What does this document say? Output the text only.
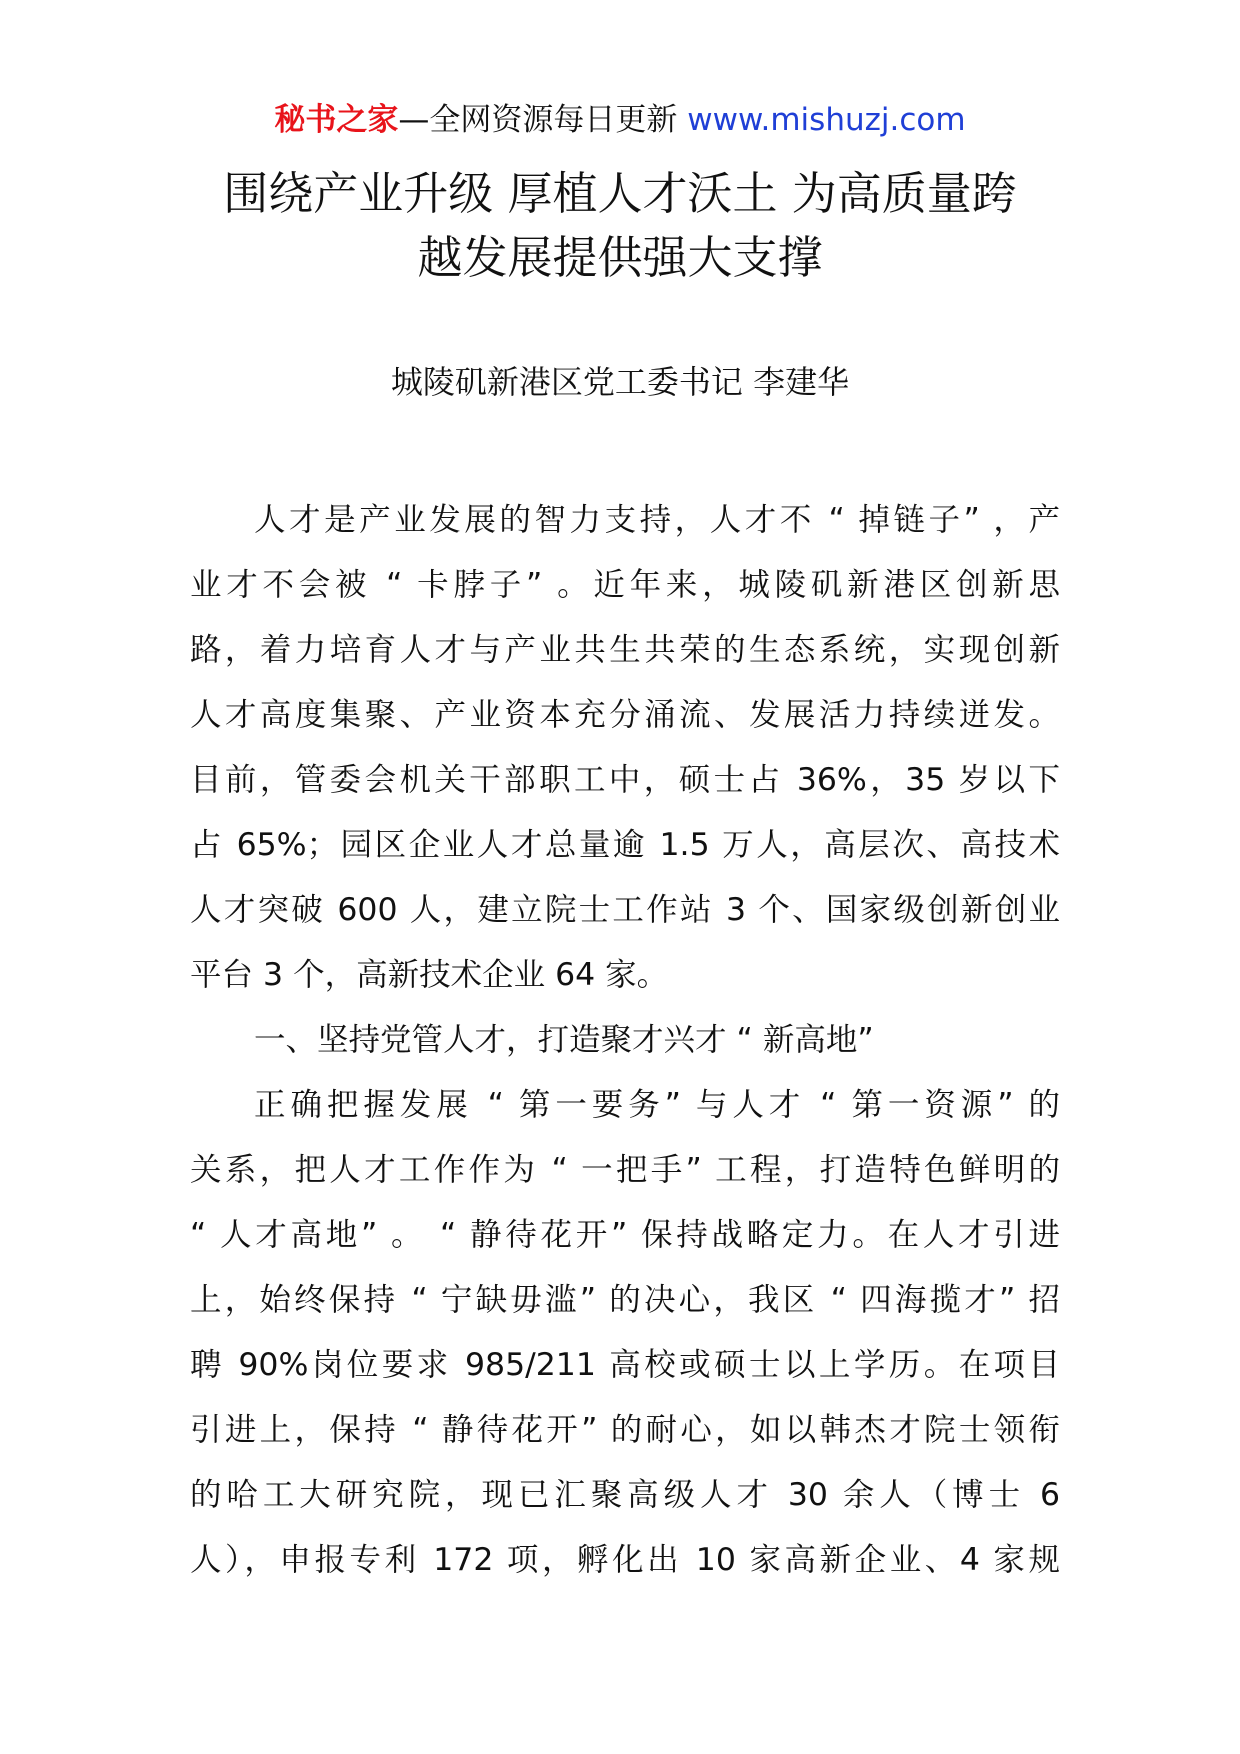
秘书之家—全网资源每日更新 www.mishuzj.com
围绕产业升级 厚植人才沃土 为高质量跨
越发展提供强大支撑
城陵矶新港区党工委书记 李建华
人才是产业发展的智力支持，人才不 “ 掉链子” ，产
业才不会被 “ 卡脖子” 。近年来，城陵矶新港区创新思
路，着力培育人才与产业共生共荣的生态系统，实现创新
人才高度集聚、产业资本充分涌流、发展活力持续迸发。
目前，管委会机关干部职工中，硕士占 36%，35 岁以下
占 65%；园区企业人才总量逾 1.5 万人，高层次、高技术
人才突破 600 人，建立院士工作站 3 个、国家级创新创业
平台 3 个，高新技术企业 64 家。
一、坚持党管人才，打造聚才兴才 “ 新高地”
正确把握发展 “ 第一要务” 与人才 “ 第一资源” 的
关系，把人才工作作为 “ 一把手” 工程，打造特色鲜明的
“ 人才高地” 。 “ 静待花开” 保持战略定力。在人才引进
上，始终保持 “ 宁缺毋滥” 的决心，我区 “ 四海揽才” 招
聘 90%岗位要求 985/211 高校或硕士以上学历。在项目
引进上，保持 “ 静待花开” 的耐心，如以韩杰才院士领衔
的哈工大研究院，现已汇聚高级人才 30 余人（博士 6
人），申报专利 172 项，孵化出 10 家高新企业、4 家规
